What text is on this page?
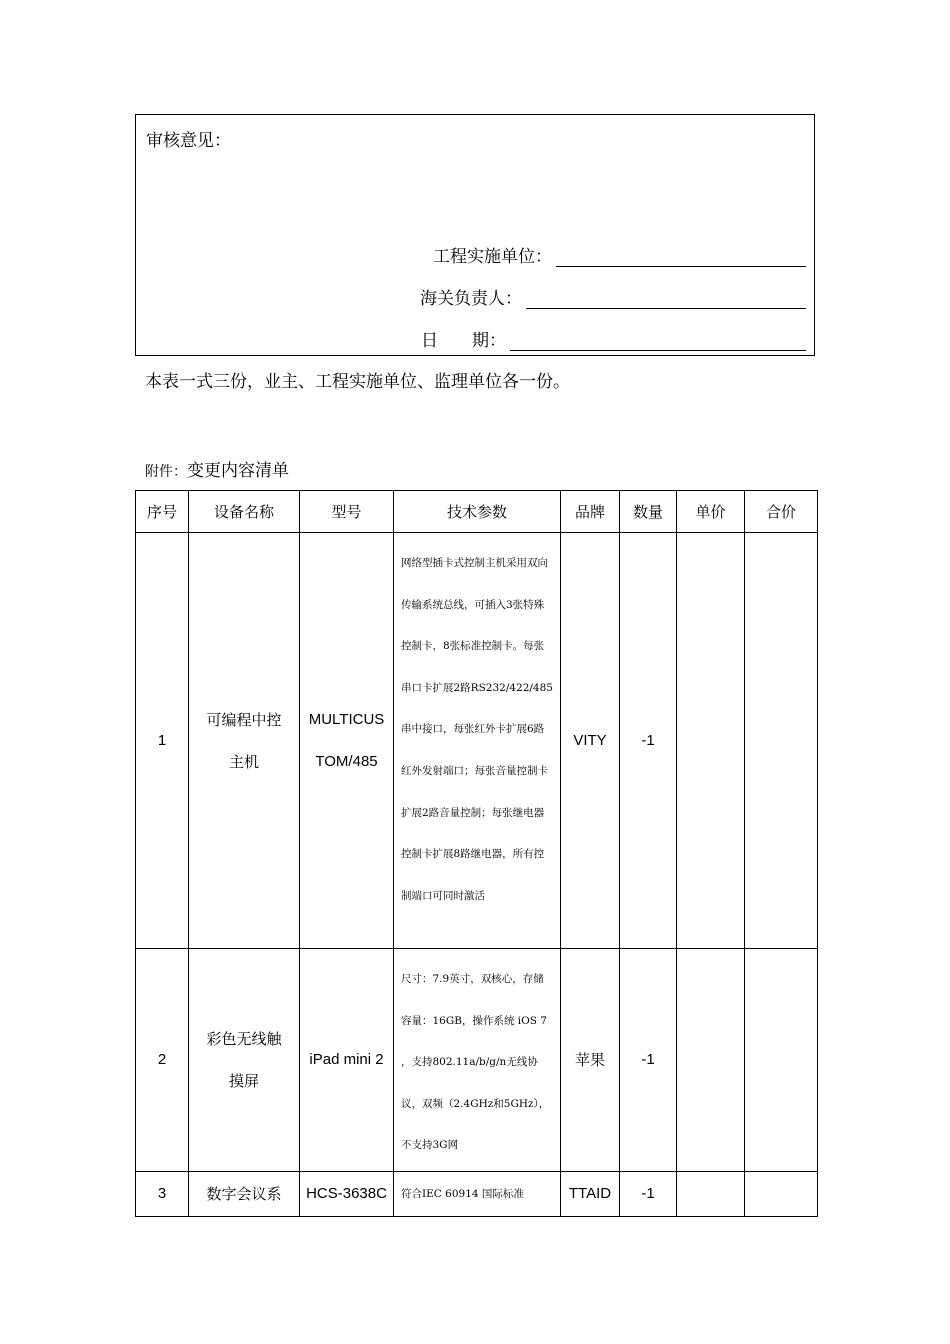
审核意见：
工程实施单位：
海关负责人：
日　　期：
本表一式三份，业主、工程实施单位、监理单位各一份。
附件：变更内容清单
序号	设备名称	型号	技术参数	品牌	数量	单价	合价
1	可编程中控主机	MULTICUSTOM/485	网络型插卡式控制主机采用双向传输系统总线，可插入3张特殊控制卡，8张标准控制卡。每张串口卡扩展2路RS232/422/485串中接口，每张红外卡扩展6路红外发射端口；每张音量控制卡扩展2路音量控制；每张继电器控制卡扩展8路继电器，所有控制端口可同时激活	VITY	-1		
2	彩色无线触摸屏	iPad mini 2	尺寸：7.9英寸，双核心，存储容量：16GB，操作系统 iOS 7 ，支持802.11a/b/g/n无线协议，双频（2.4GHz和5GHz），不支持3G网	苹果	-1		
3	数字会议系	HCS-3638C	符合IEC 60914 国际标准	TTAID	-1		
